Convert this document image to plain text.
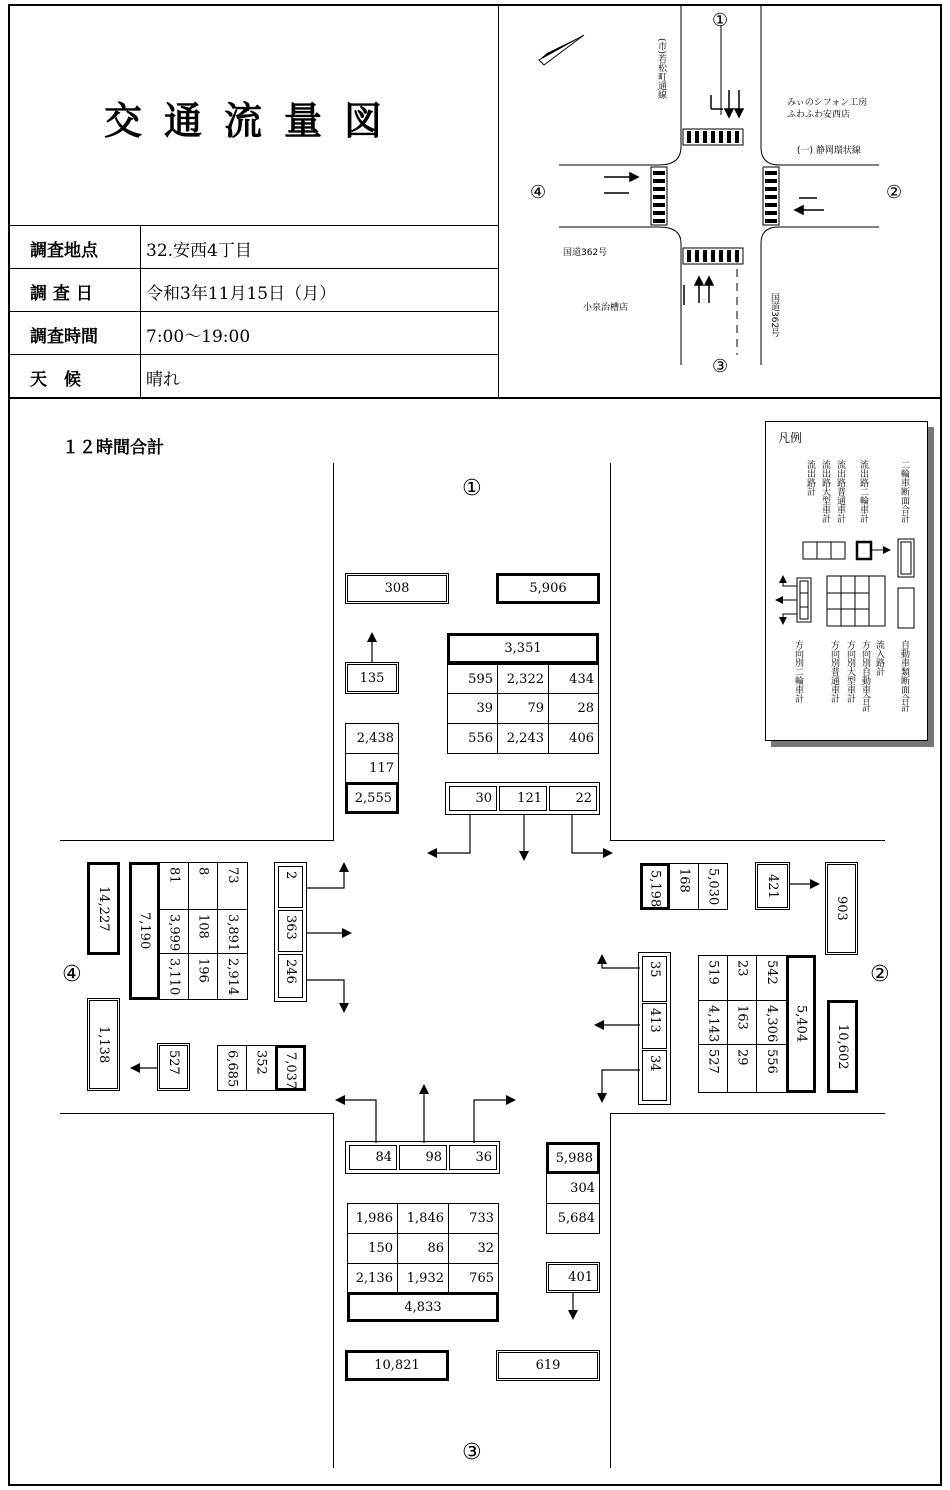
交通流量図
調査地点	32.安西4丁目
調 査 日	令和3年11月15日（月）
調査時間	7:00～19:00
天　候	晴れ
①
②
③
④
(市)若松町通線
みぃのシフォン工房
ふわふわ安西店
(一) 静岡環状線
国道362号
小泉治槽店	国道362号
１２時間合計
①
②
③
④
308	5,906
135
3,351
595	2,322	434
39	79	28
556	2,243	406
2,438
117
2,555	30	121	22
5,198	168	5,030	421
903
35
413
34
519	23	542
4,143	163	4,306
527	29	556
5,404	10,602
84	98	36	5,988
304
5,684
1,986	1,846	733
150	86	32
2,136	1,932	765	401
4,833
10,821	619
14,227	7,190
81	8	73
3,999	108	3,891
3,110	196	2,914
2
363
246
1,138	527	6,685	352	7,037
凡例
流出路計 流出路大型車計 流出路普通車計 流出路二輪車計	二輪車断面合計
方向別二輪車計	方向別普通車計 方向別大型車計 方向別自動車合計 流入路計 自動車類断面合計
